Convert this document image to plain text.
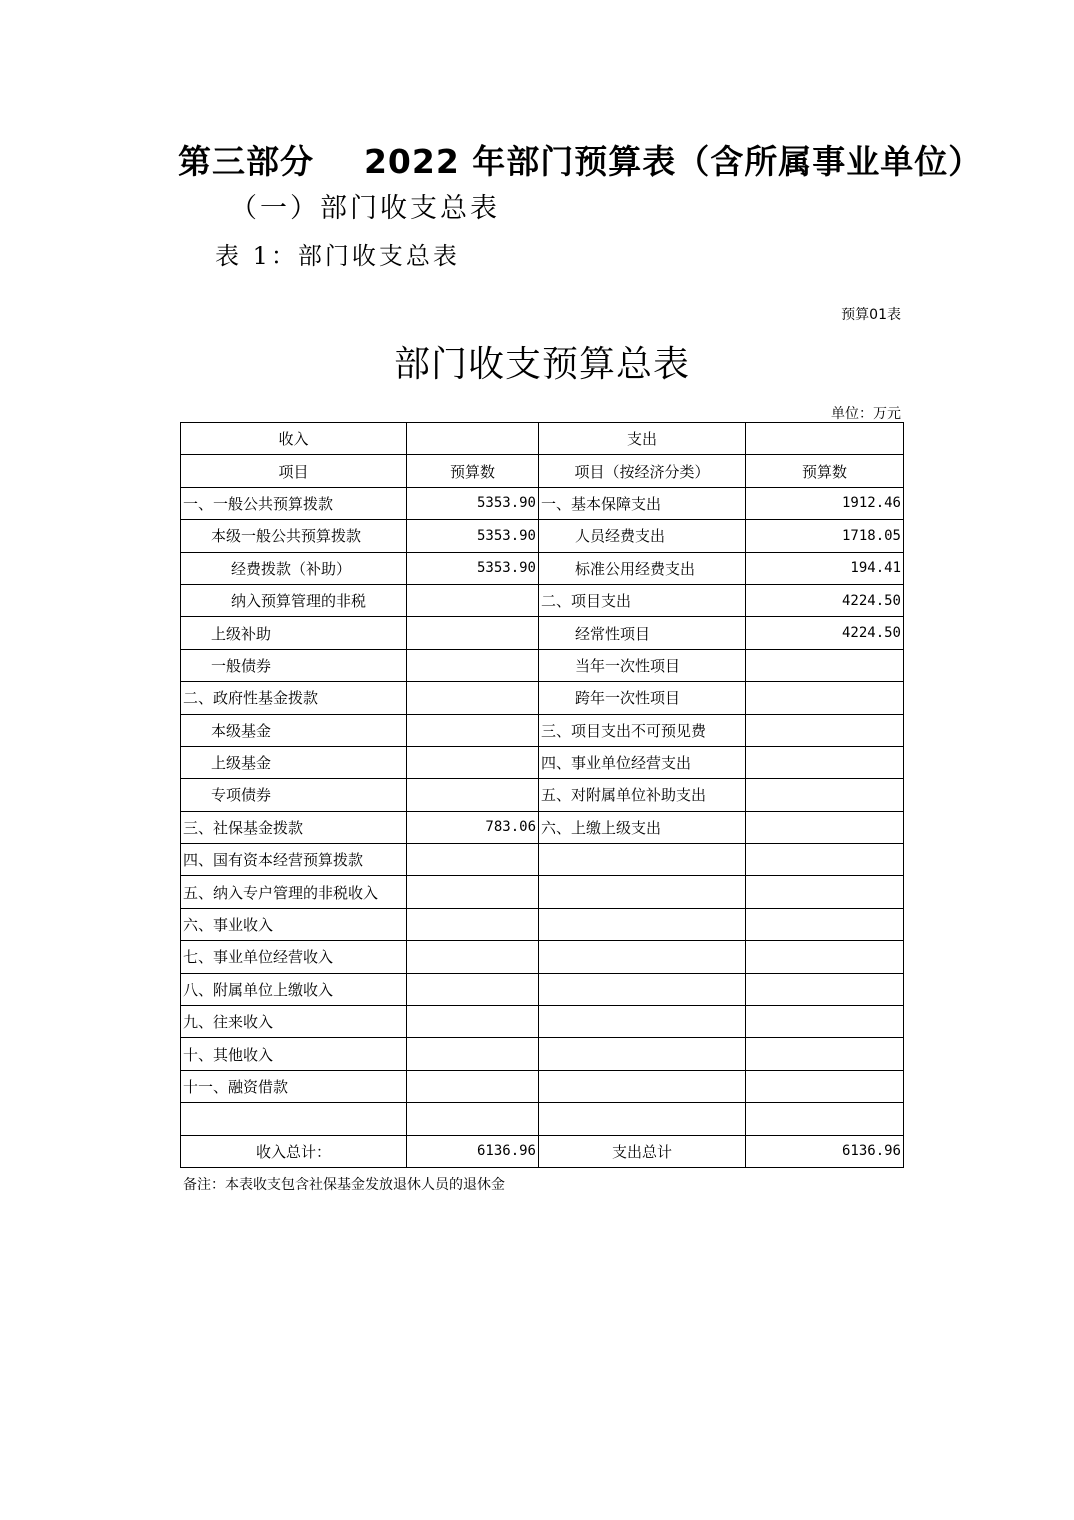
第三部分    2022 年部门预算表（含所属事业单位）
（一）部门收支总表
表 1：部门收支总表
预算01表
部门收支预算总表
单位：万元
收入		支出	
项目	预算数	项目（按经济分类）	预算数
一、一般公共预算拨款	5353.90	一、基本保障支出	1912.46
本级一般公共预算拨款	5353.90	人员经费支出	1718.05
经费拨款（补助）	5353.90	标准公用经费支出	194.41
纳入预算管理的非税		二、项目支出	4224.50
上级补助		经常性项目	4224.50
一般债券		当年一次性项目	
二、政府性基金拨款		跨年一次性项目	
本级基金		三、项目支出不可预见费	
上级基金		四、事业单位经营支出	
专项债券		五、对附属单位补助支出	
三、社保基金拨款	783.06	六、上缴上级支出	
四、国有资本经营预算拨款			
五、纳入专户管理的非税收入			
六、事业收入			
七、事业单位经营收入			
八、附属单位上缴收入			
九、往来收入			
十、其他收入			
十一、融资借款			

收入总计：	6136.96	支出总计	6136.96
备注：本表收支包含社保基金发放退休人员的退休金
